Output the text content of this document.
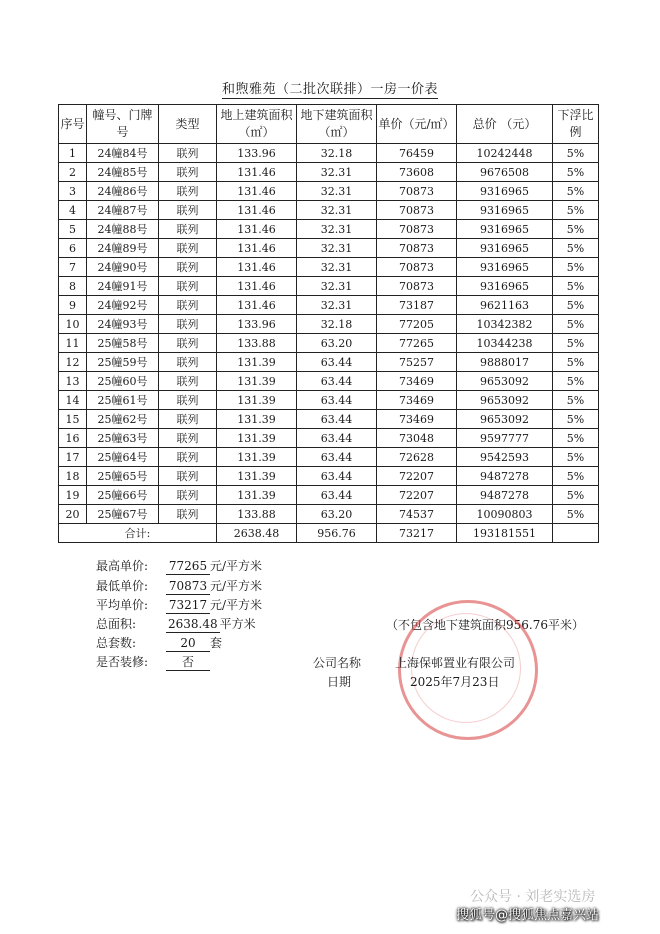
和煦雅苑（二批次联排）一房一价表
序号	幢号、门牌号	类型	地上建筑面积（㎡）	地下建筑面积（㎡）	单价（元/㎡）	总价 （元）	下浮比例
1	24幢84号	联列	133.96	32.18	76459	10242448	5%
2	24幢85号	联列	131.46	32.31	73608	9676508	5%
3	24幢86号	联列	131.46	32.31	70873	9316965	5%
4	24幢87号	联列	131.46	32.31	70873	9316965	5%
5	24幢88号	联列	131.46	32.31	70873	9316965	5%
6	24幢89号	联列	131.46	32.31	70873	9316965	5%
7	24幢90号	联列	131.46	32.31	70873	9316965	5%
8	24幢91号	联列	131.46	32.31	70873	9316965	5%
9	24幢92号	联列	131.46	32.31	73187	9621163	5%
10	24幢93号	联列	133.96	32.18	77205	10342382	5%
11	25幢58号	联列	133.88	63.20	77265	10344238	5%
12	25幢59号	联列	131.39	63.44	75257	9888017	5%
13	25幢60号	联列	131.39	63.44	73469	9653092	5%
14	25幢61号	联列	131.39	63.44	73469	9653092	5%
15	25幢62号	联列	131.39	63.44	73469	9653092	5%
16	25幢63号	联列	131.39	63.44	73048	9597777	5%
17	25幢64号	联列	131.39	63.44	72628	9542593	5%
18	25幢65号	联列	131.39	63.44	72207	9487278	5%
19	25幢66号	联列	131.39	63.44	72207	9487278	5%
20	25幢67号	联列	133.88	63.20	74537	10090803	5%
合计:			2638.48	956.76	73217	193181551	
最高单价: 77265 元/平方米
最低单价: 70873 元/平方米
平均单价: 73217 元/平方米
总面积:	2638.48 平方米	（不包含地下建筑面积956.76平米）
总套数:	20 套
是否装修:	否	公司名称	上海保邨置业有限公司
日期	2025年7月23日
公众号 · 刘老实选房
搜狐号@搜狐焦点嘉兴站
